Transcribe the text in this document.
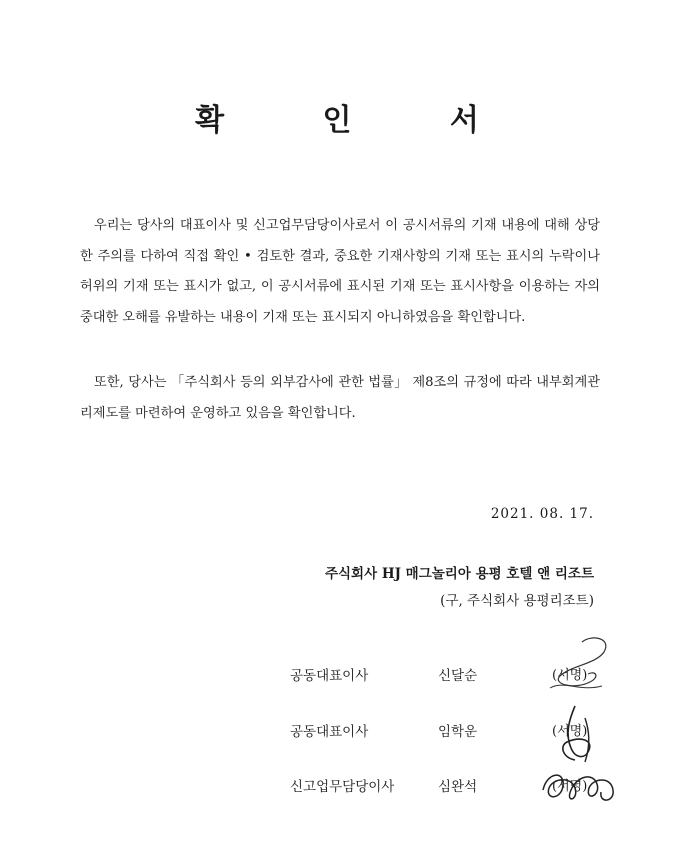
확 인 서

우리는 당사의 대표이사 및 신고업무담당이사로서 이 공시서류의 기재 내용에 대해 상당한 주의를 다하여 직접 확인 • 검토한 결과, 중요한 기재사항의 기재 또는 표시의 누락이나 허위의 기재 또는 표시가 없고, 이 공시서류에 표시된 기재 또는 표시사항을 이용하는 자의 중대한 오해를 유발하는 내용이 기재 또는 표시되지 아니하였음을 확인합니다.

또한, 당사는 「주식회사 등의 외부감사에 관한 법률」 제8조의 규정에 따라 내부회계관리제도를 마련하여 운영하고 있음을 확인합니다.

2021. 08. 17.
주식회사 HJ 매그놀리아 용평 호텔 앤 리조트
(구, 주식회사 용평리조트)
공동대표이사	신달순	(서명)
공동대표이사	임학운	(서명)
신고업무담당이사	심완석	(서명)
